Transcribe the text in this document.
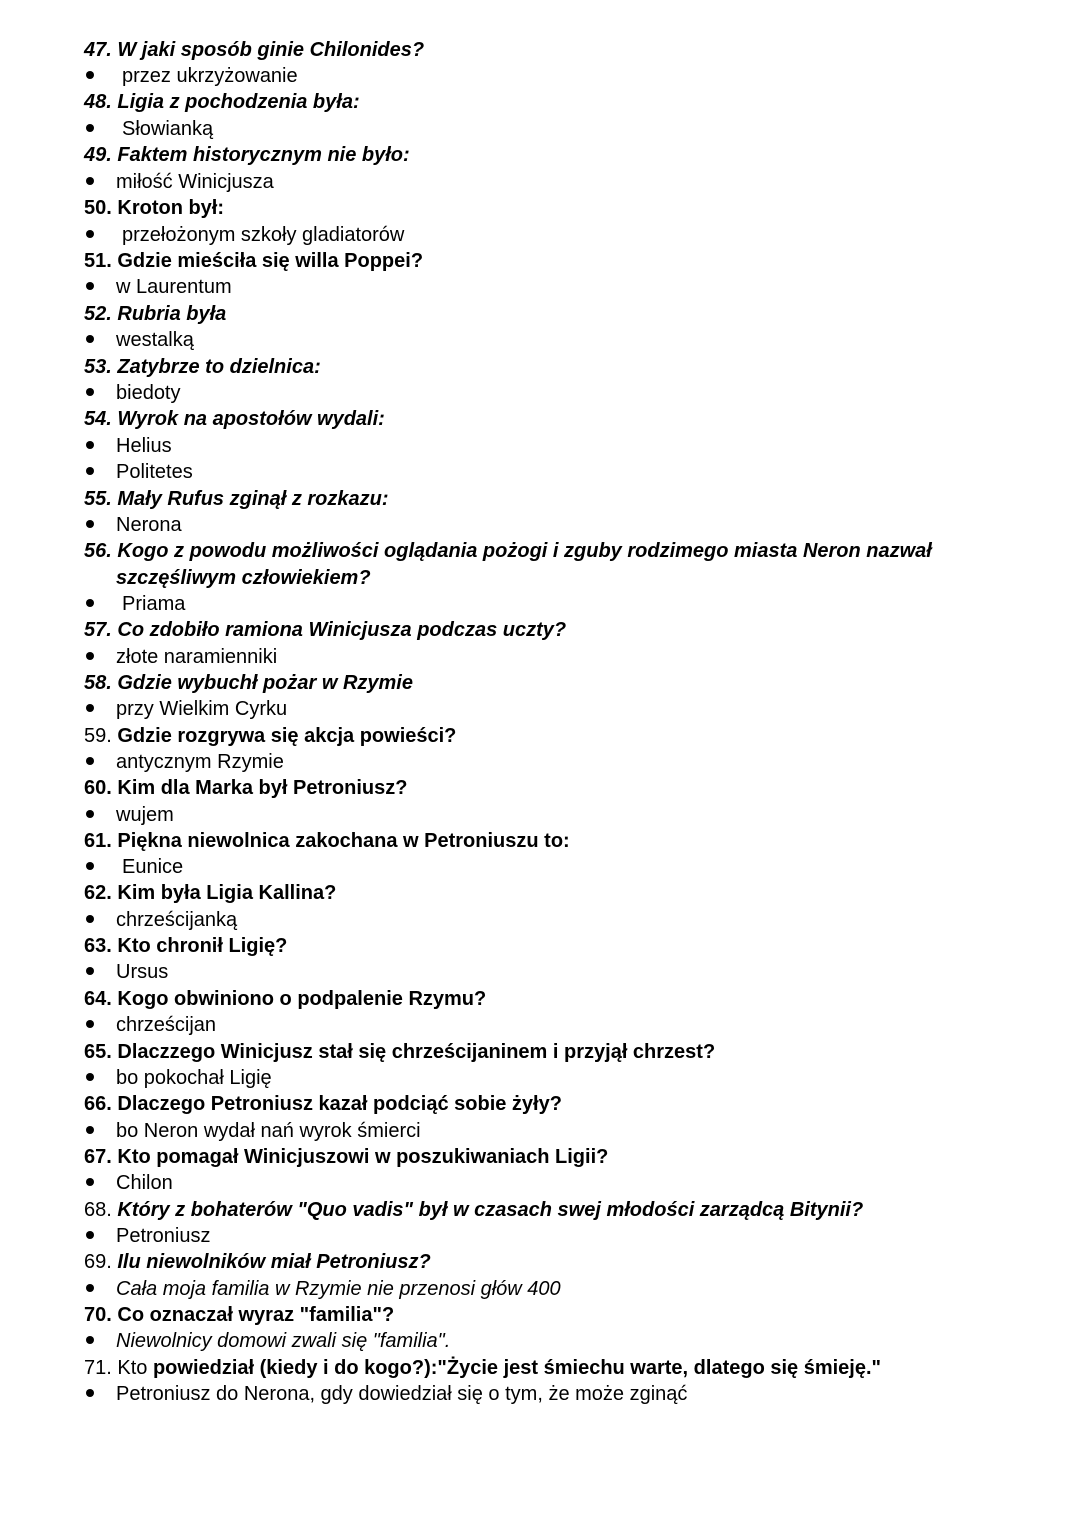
47. W jaki sposób ginie Chilonides?
przez ukrzyżowanie
48. Ligia z pochodzenia była:
Słowianką
49. Faktem historycznym nie było:
miłość Winicjusza
50. Kroton był:
przełożonym szkoły gladiatorów
51. Gdzie mieściła się willa Poppei?
w Laurentum
52. Rubria była
westalką
53. Zatybrze to dzielnica:
biedoty
54. Wyrok na apostołów wydali:
Helius
Politetes
55. Mały Rufus zginął z rozkazu:
Nerona
56. Kogo z powodu możliwości oglądania pożogi i zguby rodzimego miasta Neron nazwał
szczęśliwym człowiekiem?
Priama
57. Co zdobiło ramiona Winicjusza podczas uczty?
złote naramienniki
58. Gdzie wybuchł pożar w Rzymie
przy Wielkim Cyrku
59. Gdzie rozgrywa się akcja powieści?
antycznym Rzymie
60. Kim dla Marka był Petroniusz?
wujem
61. Piękna niewolnica zakochana w Petroniuszu to:
Eunice
62. Kim była Ligia Kallina?
chrześcijanką
63. Kto chronił Ligię?
Ursus
64. Kogo obwiniono o podpalenie Rzymu?
chrześcijan
65. Dlaczzego Winicjusz stał się chrześcijaninem i przyjął chrzest?
bo pokochał Ligię
66. Dlaczego Petroniusz kazał podciąć sobie żyły?
bo Neron wydał nań wyrok śmierci
67. Kto pomagał Winicjuszowi w poszukiwaniach Ligii?
Chilon
68. Który z bohaterów "Quo vadis" był w czasach swej młodości zarządcą Bitynii?
Petroniusz
69. Ilu niewolników miał Petroniusz?
Cała moja familia w Rzymie nie przenosi głów 400
70. Co oznaczał wyraz "familia"?
Niewolnicy domowi zwali się "familia".
71. Kto powiedział (kiedy i do kogo?):"Życie jest śmiechu warte, dlatego się śmieję."
Petroniusz do Nerona, gdy dowiedział się o tym, że może zginąć
